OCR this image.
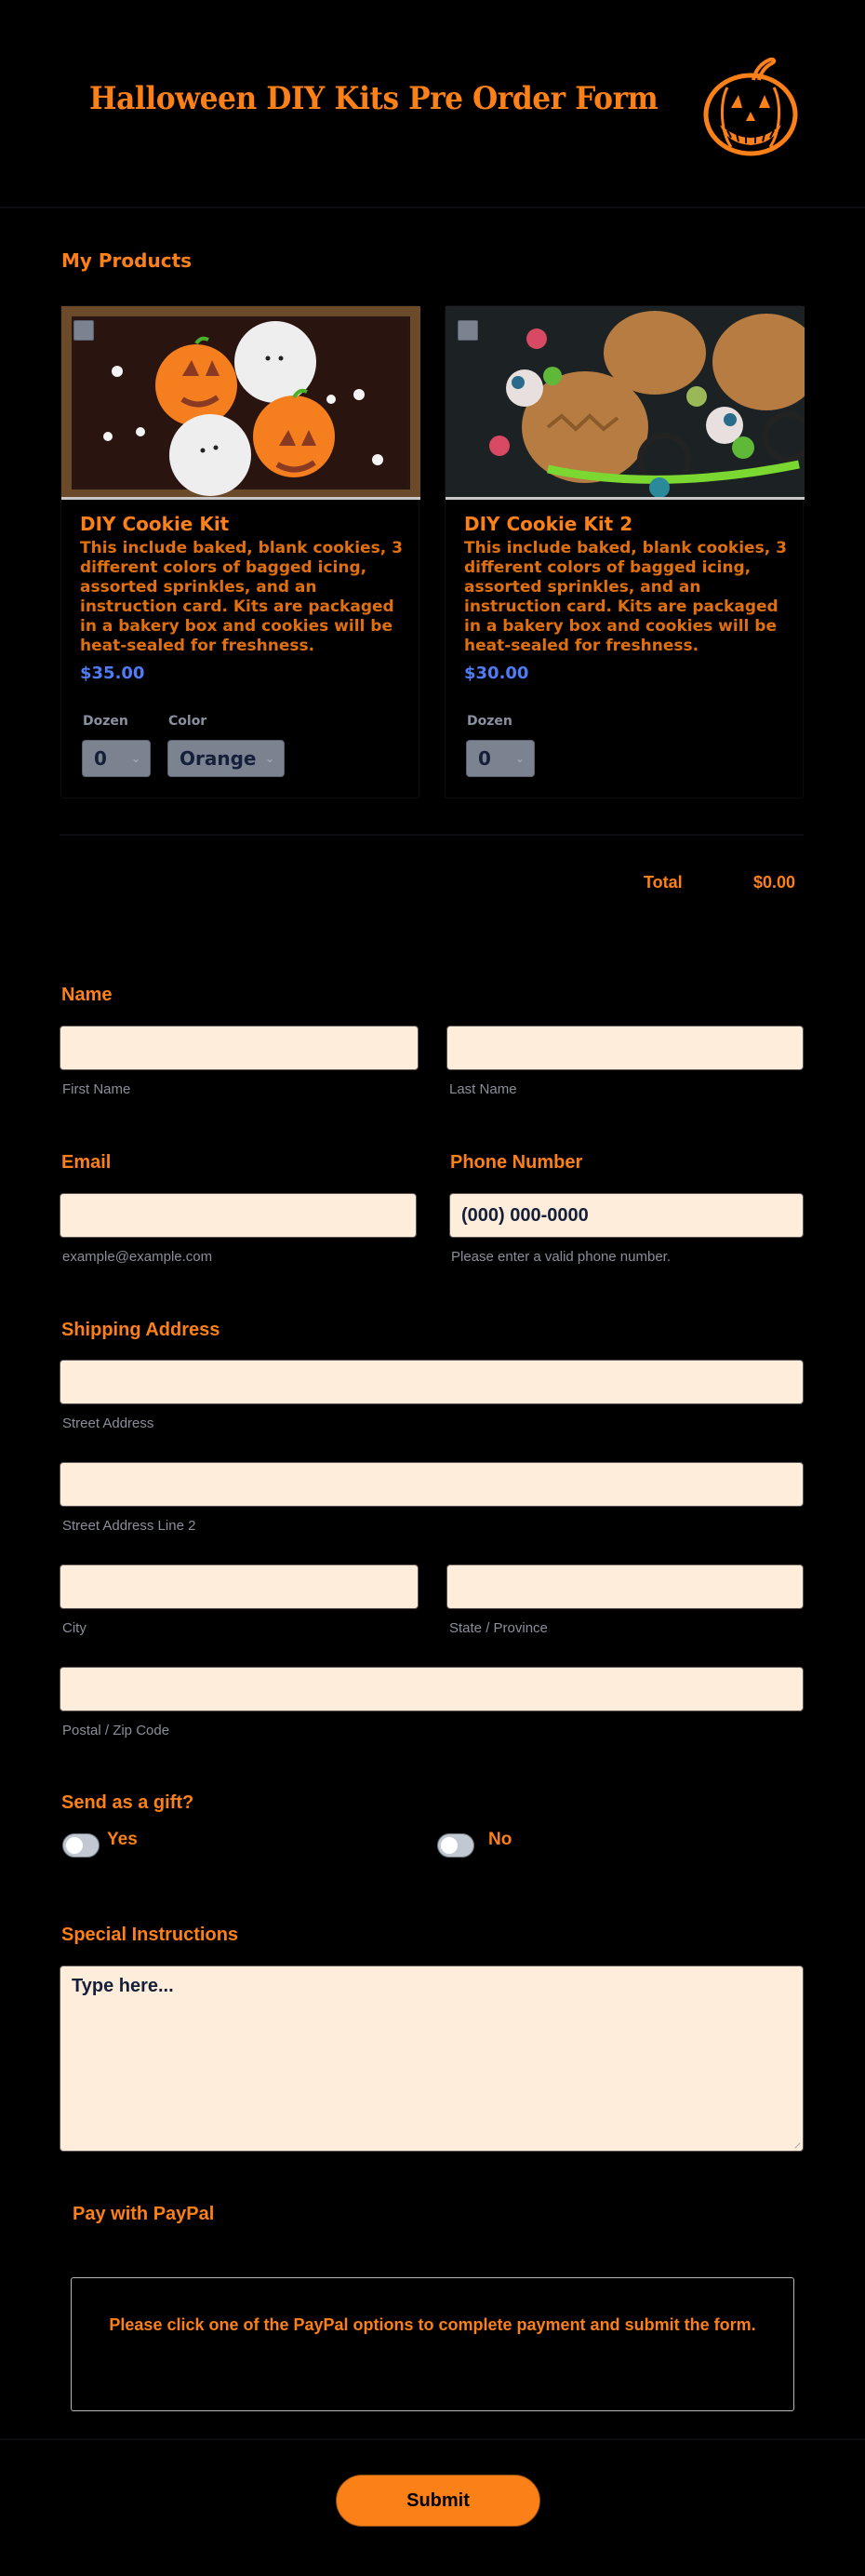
Halloween DIY Kits Pre Order Form
My Products
DIY Cookie Kit
This include baked, blank cookies, 3 different colors of bagged icing, assorted sprinkles, and an instruction card. Kits are packaged in a bakery box and cookies will be heat-sealed for freshness.
$35.00
Dozen
0 ⌄
Color
Orange ⌄
DIY Cookie Kit 2
This include baked, blank cookies, 3 different colors of bagged icing, assorted sprinkles, and an instruction card. Kits are packaged in a bakery box and cookies will be heat-sealed for freshness.
$30.00
Dozen
0 ⌄
Total	$0.00
Name
First Name	Last Name
Email	Phone Number
(000) 000-0000
example@example.com	Please enter a valid phone number.
Shipping Address
Street Address
Street Address Line 2
City	State / Province
Postal / Zip Code
Send as a gift?
Yes	No
Special Instructions
Type here...
Pay with PayPal
Please click one of the PayPal options to complete payment and submit the form.
Submit
